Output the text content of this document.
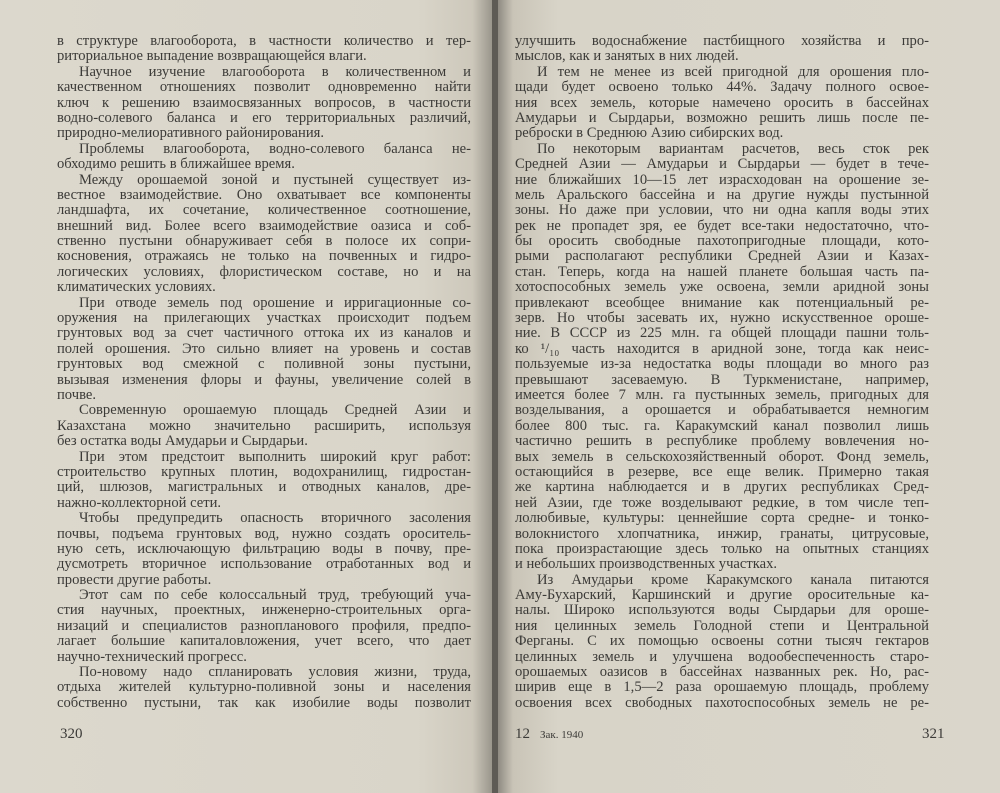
в структуре влагооборота, в частности количество и тер-
риториальное выпадение возвращающейся влаги.
Научное изучение влагооборота в количественном и
качественном отношениях позволит одновременно найти
ключ к решению взаимосвязанных вопросов, в частности
водно-солевого баланса и его территориальных различий,
природно-мелиоративного районирования.
Проблемы влагооборота, водно-солевого баланса не-
обходимо решить в ближайшее время.
Между орошаемой зоной и пустыней существует из-
вестное взаимодействие. Оно охватывает все компоненты
ландшафта, их сочетание, количественное соотношение,
внешний вид. Более всего взаимодействие оазиса и соб-
ственно пустыни обнаруживает себя в полосе их сопри-
косновения, отражаясь не только на почвенных и гидро-
логических условиях, флористическом составе, но и на
климатических условиях.
При отводе земель под орошение и ирригационные со-
оружения на прилегающих участках происходит подъем
грунтовых вод за счет частичного оттока их из каналов и
полей орошения. Это сильно влияет на уровень и состав
грунтовых вод смежной с поливной зоны пустыни,
вызывая изменения флоры и фауны, увеличение солей в
почве.
Современную орошаемую площадь Средней Азии и
Казахстана можно значительно расширить, используя
без остатка воды Амударьи и Сырдарьи.
При этом предстоит выполнить широкий круг работ:
строительство крупных плотин, водохранилищ, гидростан-
ций, шлюзов, магистральных и отводных каналов, дре-
нажно-коллекторной сети.
Чтобы предупредить опасность вторичного засоления
почвы, подъема грунтовых вод, нужно создать ороситель-
ную сеть, исключающую фильтрацию воды в почву, пре-
дусмотреть вторичное использование отработанных вод и
провести другие работы.
Этот сам по себе колоссальный труд, требующий уча-
стия научных, проектных, инженерно-строительных орга-
низаций и специалистов разнопланового профиля, предпо-
лагает большие капиталовложения, учет всего, что дает
научно-технический прогресс.
По-новому надо спланировать условия жизни, труда,
отдыха жителей культурно-поливной зоны и населения
собственно пустыни, так как изобилие воды позволит
320
улучшить водоснабжение пастбищного хозяйства и про-
мыслов, как и занятых в них людей.
И тем не менее из всей пригодной для орошения пло-
щади будет освоено только 44%. Задачу полного освое-
ния всех земель, которые намечено оросить в бассейнах
Амударьи и Сырдарьи, возможно решить лишь после пе-
реброски в Среднюю Азию сибирских вод.
По некоторым вариантам расчетов, весь сток рек
Средней Азии — Амударьи и Сырдарьи — будет в тече-
ние ближайших 10—15 лет израсходован на орошение зе-
мель Аральского бассейна и на другие нужды пустынной
зоны. Но даже при условии, что ни одна капля воды этих
рек не пропадет зря, ее будет все-таки недостаточно, что-
бы оросить свободные пахотопригодные площади, кото-
рыми располагают республики Средней Азии и Казах-
стан. Теперь, когда на нашей планете большая часть па-
хотоспособных земель уже освоена, земли аридной зоны
привлекают всеобщее внимание как потенциальный ре-
зерв. Но чтобы засевать их, нужно искусственное ороше-
ние. В СССР из 225 млн. га общей площади пашни толь-
ко ¹/₁₀ часть находится в аридной зоне, тогда как неис-
пользуемые из-за недостатка воды площади во много раз
превышают засеваемую. В Туркменистане, например,
имеется более 7 млн. га пустынных земель, пригодных для
возделывания, а орошается и обрабатывается немногим
более 800 тыс. га. Каракумский канал позволил лишь
частично решить в республике проблему вовлечения но-
вых земель в сельскохозяйственный оборот. Фонд земель,
остающийся в резерве, все еще велик. Примерно такая
же картина наблюдается и в других республиках Сред-
ней Азии, где тоже возделывают редкие, в том числе теп-
лолюбивые, культуры: ценнейшие сорта средне- и тонко-
волокнистого хлопчатника, инжир, гранаты, цитрусовые,
пока произрастающие здесь только на опытных станциях
и небольших производственных участках.
Из Амударьи кроме Каракумского канала питаются
Аму-Бухарский, Каршинский и другие оросительные ка-
налы. Широко используются воды Сырдарьи для ороше-
ния целинных земель Голодной степи и Центральной
Ферганы. С их помощью освоены сотни тысяч гектаров
целинных земель и улучшена водообеспеченность старо-
орошаемых оазисов в бассейнах названных рек. Но, рас-
ширив еще в 1,5—2 раза орошаемую площадь, проблему
освоения всех свободных пахотоспособных земель не ре-
12 Зак. 1940	321
